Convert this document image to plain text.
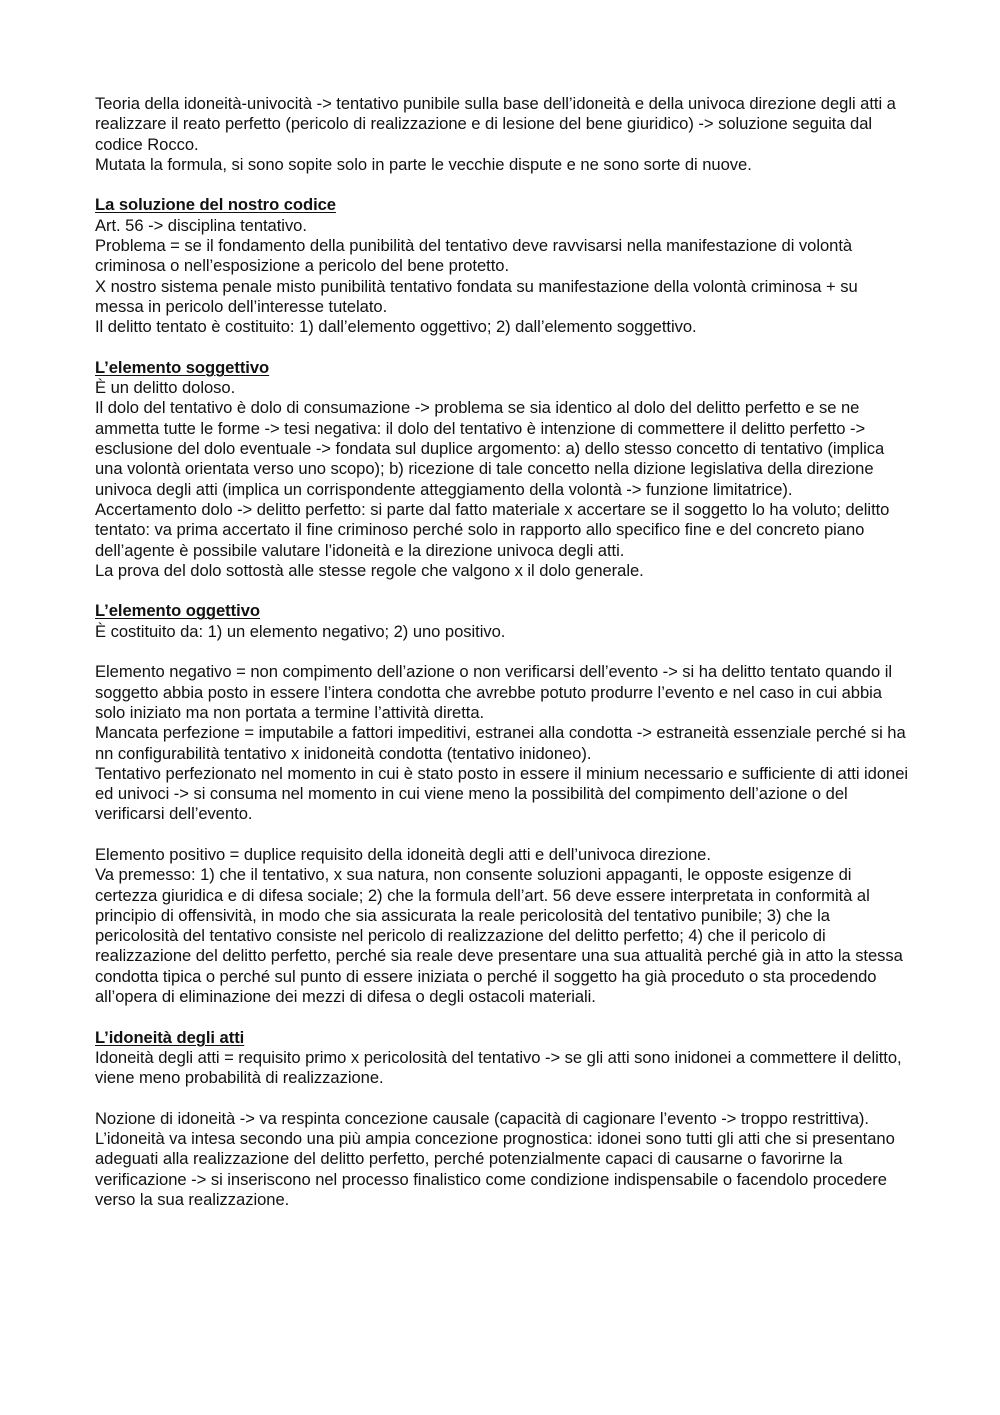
Teoria della idoneità-univocità -> tentativo punibile sulla base dell’idoneità e della univoca direzione degli atti a realizzare il reato perfetto (pericolo di realizzazione e di lesione del bene giuridico) -> soluzione seguita dal codice Rocco.

Mutata la formula, si sono sopite solo in parte le vecchie dispute e ne sono sorte di nuove.

La soluzione del nostro codice

Art. 56 -> disciplina tentativo.

Problema = se il fondamento della punibilità del tentativo deve ravvisarsi nella manifestazione di volontà criminosa o nell’esposizione a pericolo del bene protetto.

X nostro sistema penale misto punibilità tentativo fondata su manifestazione della volontà criminosa + su messa in pericolo dell’interesse tutelato.

Il delitto tentato è costituito: 1) dall’elemento oggettivo; 2) dall’elemento soggettivo.

L’elemento soggettivo

È un delitto doloso.

Il dolo del tentativo è dolo di consumazione -> problema se sia identico al dolo del delitto perfetto e se ne ammetta tutte le forme -> tesi negativa: il dolo del tentativo è intenzione di commettere il delitto perfetto -> esclusione del dolo eventuale -> fondata sul duplice argomento: a) dello stesso concetto di tentativo (implica una volontà orientata verso uno scopo); b) ricezione di tale concetto nella dizione legislativa della direzione univoca degli atti (implica un corrispondente atteggiamento della volontà -> funzione limitatrice).

Accertamento dolo -> delitto perfetto: si parte dal fatto materiale x accertare se il soggetto lo ha voluto; delitto tentato: va prima accertato il fine criminoso perché solo in rapporto allo specifico fine e del concreto piano dell’agente è possibile valutare l’idoneità e la direzione univoca degli atti.

La prova del dolo sottostà alle stesse regole che valgono x il dolo generale.

L’elemento oggettivo

È costituito da: 1) un elemento negativo; 2) uno positivo.

Elemento negativo = non compimento dell’azione o non verificarsi dell’evento -> si ha delitto tentato quando il soggetto abbia posto in essere l’intera condotta che avrebbe potuto produrre l’evento e nel caso in cui abbia solo iniziato ma non portata a termine l’attività diretta.

Mancata perfezione = imputabile a fattori impeditivi, estranei alla condotta -> estraneità essenziale perché si ha nn configurabilità tentativo x inidoneità condotta (tentativo inidoneo).

Tentativo perfezionato nel momento in cui è stato posto in essere il minium necessario e sufficiente di atti idonei ed univoci -> si consuma nel momento in cui viene meno la possibilità del compimento dell’azione o del verificarsi dell’evento.

Elemento positivo = duplice requisito della idoneità degli atti e dell’univoca direzione.

Va premesso: 1) che il tentativo, x sua natura, non consente soluzioni appaganti, le opposte esigenze di certezza giuridica e di difesa sociale; 2) che la formula dell’art. 56 deve essere interpretata in conformità al principio di offensività, in modo che sia assicurata la reale pericolosità del tentativo punibile; 3) che la pericolosità del tentativo consiste nel pericolo di realizzazione del delitto perfetto; 4) che il pericolo di realizzazione del delitto perfetto, perché sia reale deve presentare una sua attualità perché già in atto la stessa condotta tipica o perché sul punto di essere iniziata o perché il soggetto ha già proceduto o sta procedendo all’opera di eliminazione dei mezzi di difesa o degli ostacoli materiali.

L’idoneità degli atti

Idoneità degli atti = requisito primo x pericolosità del tentativo -> se gli atti sono inidonei a commettere il delitto, viene meno probabilità di realizzazione.

Nozione di idoneità -> va respinta concezione causale (capacità di cagionare l’evento -> troppo restrittiva).

L’idoneità va intesa secondo una più ampia concezione prognostica: idonei sono tutti gli atti che si presentano adeguati alla realizzazione del delitto perfetto, perché potenzialmente capaci di causarne o favorirne la verificazione -> si inseriscono nel processo finalistico come condizione indispensabile o facendolo procedere verso la sua realizzazione.
